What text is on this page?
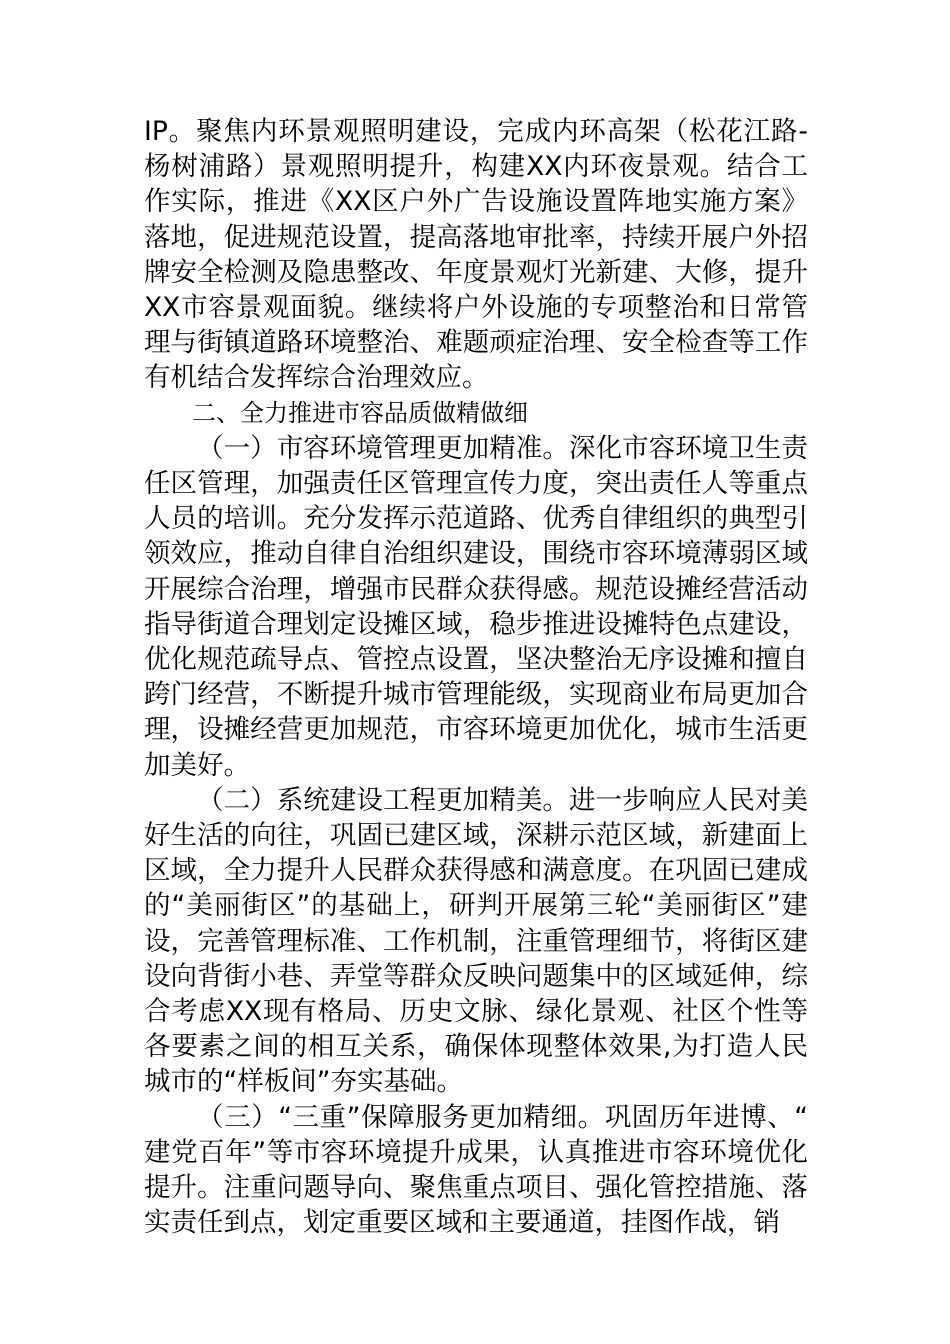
IP。聚焦内环景观照明建设，完成内环高架（松花江路-杨树浦路）景观照明提升，构建XX内环夜景观。结合工作实际，推进《XX区户外广告设施设置阵地实施方案》落地，促进规范设置，提高落地审批率，持续开展户外招牌安全检测及隐患整改、年度景观灯光新建、大修，提升XX市容景观面貌。继续将户外设施的专项整治和日常管理与街镇道路环境整治、难题顽症治理、安全检查等工作有机结合发挥综合治理效应。

二、全力推进市容品质做精做细

（一）市容环境管理更加精准。深化市容环境卫生责任区管理，加强责任区管理宣传力度，突出责任人等重点人员的培训。充分发挥示范道路、优秀自律组织的典型引领效应，推动自律自治组织建设，围绕市容环境薄弱区域开展综合治理，增强市民群众获得感。规范设摊经营活动指导街道合理划定设摊区域，稳步推进设摊特色点建设，优化规范疏导点、管控点设置，坚决整治无序设摊和擅自跨门经营，不断提升城市管理能级，实现商业布局更加合理，设摊经营更加规范，市容环境更加优化，城市生活更加美好。

（二）系统建设工程更加精美。进一步响应人民对美好生活的向往，巩固已建区域，深耕示范区域，新建面上区域，全力提升人民群众获得感和满意度。在巩固已建成的“美丽街区”的基础上，研判开展第三轮“美丽街区”建设，完善管理标准、工作机制，注重管理细节，将街区建设向背街小巷、弄堂等群众反映问题集中的区域延伸，综合考虑XX现有格局、历史文脉、绿化景观、社区个性等各要素之间的相互关系，确保体现整体效果,为打造人民城市的“样板间”夯实基础。

（三）“三重”保障服务更加精细。巩固历年进博、“建党百年”等市容环境提升成果，认真推进市容环境优化提升。注重问题导向、聚焦重点项目、强化管控措施、落实责任到点，划定重要区域和主要通道，挂图作战，销
